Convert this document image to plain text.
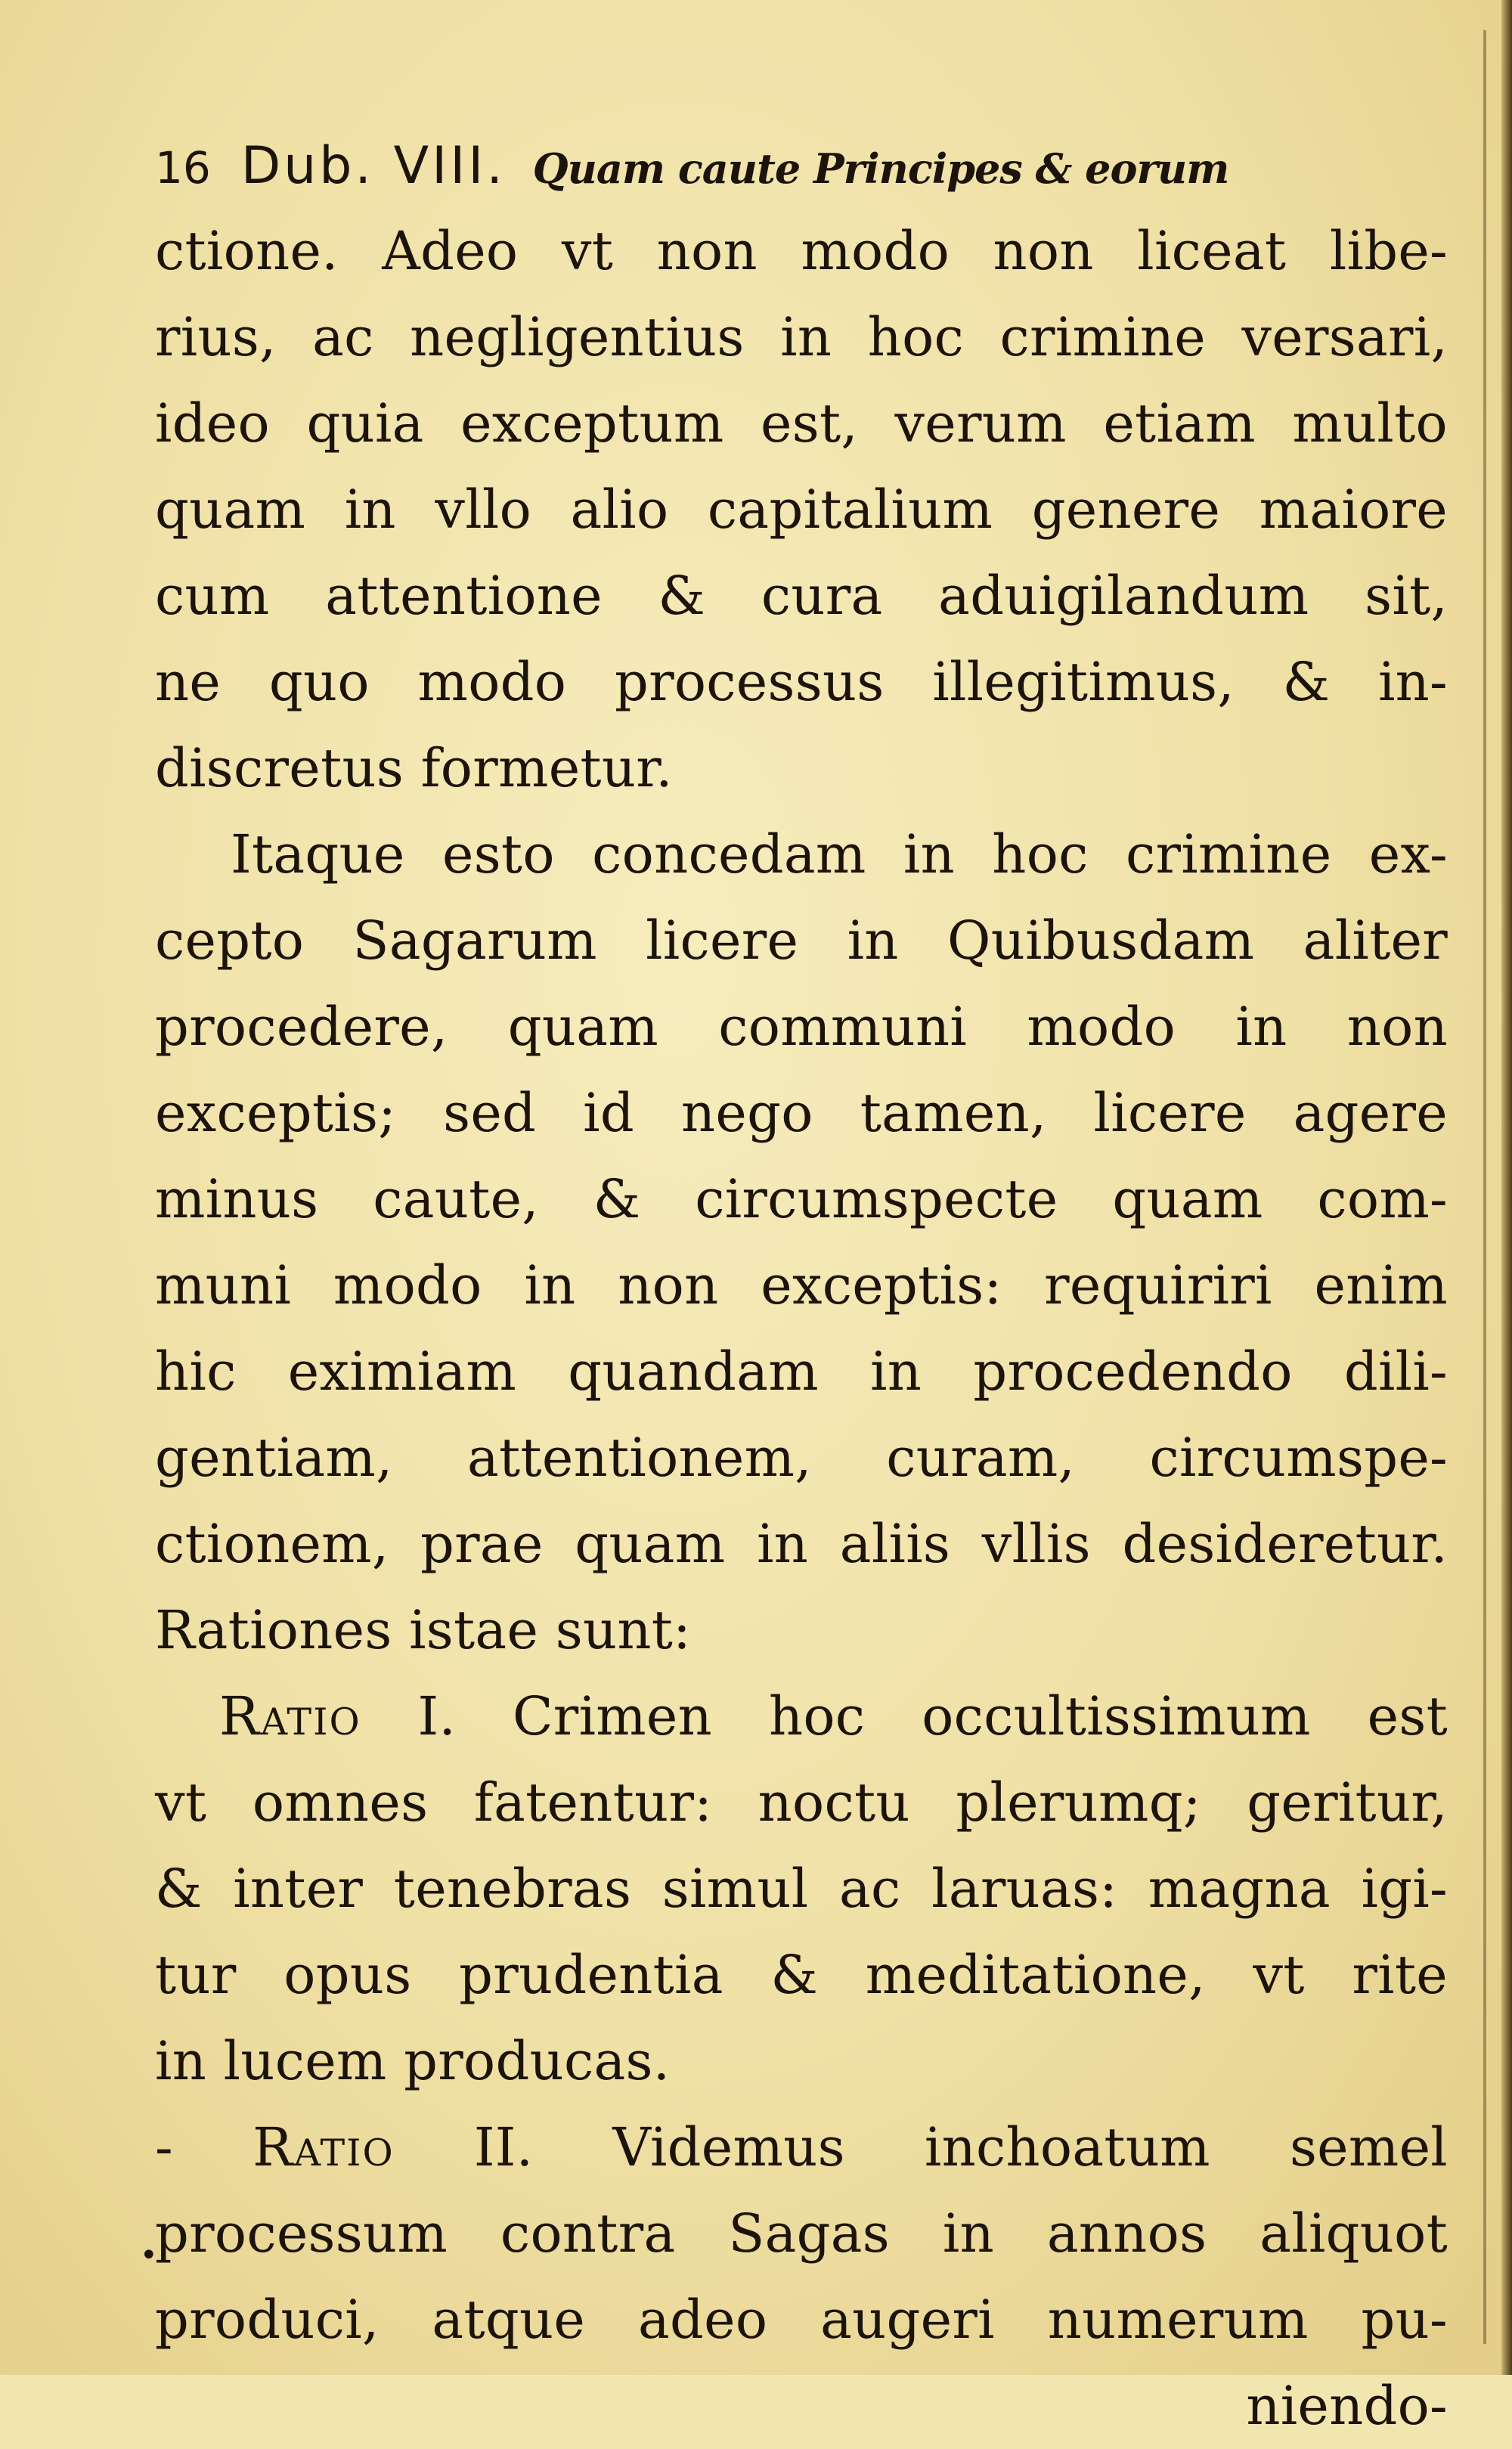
16 Dub. VIII. Quam caute Principes & eorum
ctione. Adeo vt non modo non liceat libe-
rius, ac negligentius in hoc crimine versari,
ideo quia exceptum est, verum etiam multo
quam in vllo alio capitalium genere maiore
cum attentione & cura aduigilandum sit,
ne quo modo processus illegitimus, & in-
discretus formetur.
Itaque esto concedam in hoc crimine ex-
cepto Sagarum licere in Quibusdam aliter
procedere, quam communi modo in non
exceptis; sed id nego tamen, licere agere
minus caute, & circumspecte quam com-
muni modo in non exceptis: requiriri enim
hic eximiam quandam in procedendo dili-
gentiam, attentionem, curam, circumspe-
ctionem, prae quam in aliis vllis desideretur.
Rationes istae sunt:
Ratio I. Crimen hoc occultissimum est
vt omnes fatentur: noctu plerumq; geritur,
& inter tenebras simul ac laruas: magna igi-
tur opus prudentia & meditatione, vt rite
in lucem producas.
- Ratio II. Videmus inchoatum semel
processum contra Sagas in annos aliquot
produci, atque adeo augeri numerum pu-
niendo-
•
